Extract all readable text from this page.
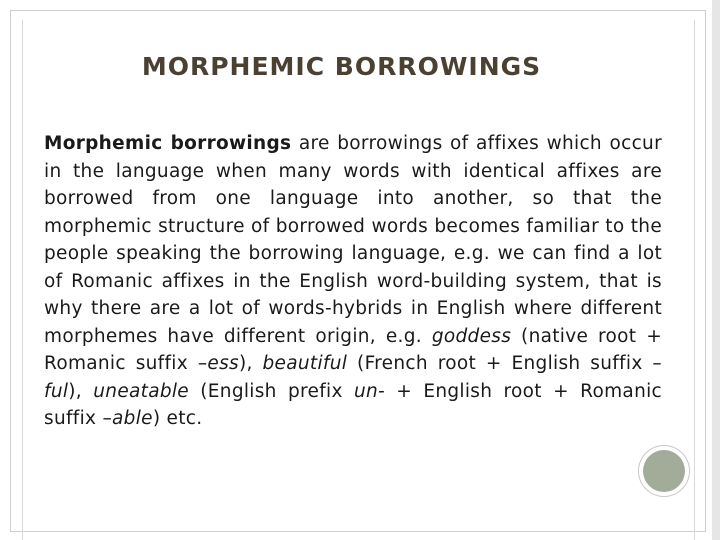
MORPHEMIC BORROWINGS
Morphemic borrowings are borrowings of affixes which occur in the language when many words with identical affixes are borrowed from one language into another, so that the morphemic structure of borrowed words becomes familiar to the people speaking the borrowing language, e.g. we can find a lot of Romanic affixes in the English word-building system, that is why there are a lot of words-hybrids in English where different morphemes have different origin, e.g. goddess (native root + Romanic suffix –ess), beautiful (French root + English suffix –ful), uneatable (English prefix un- + English root + Romanic suffix –able) etc.
